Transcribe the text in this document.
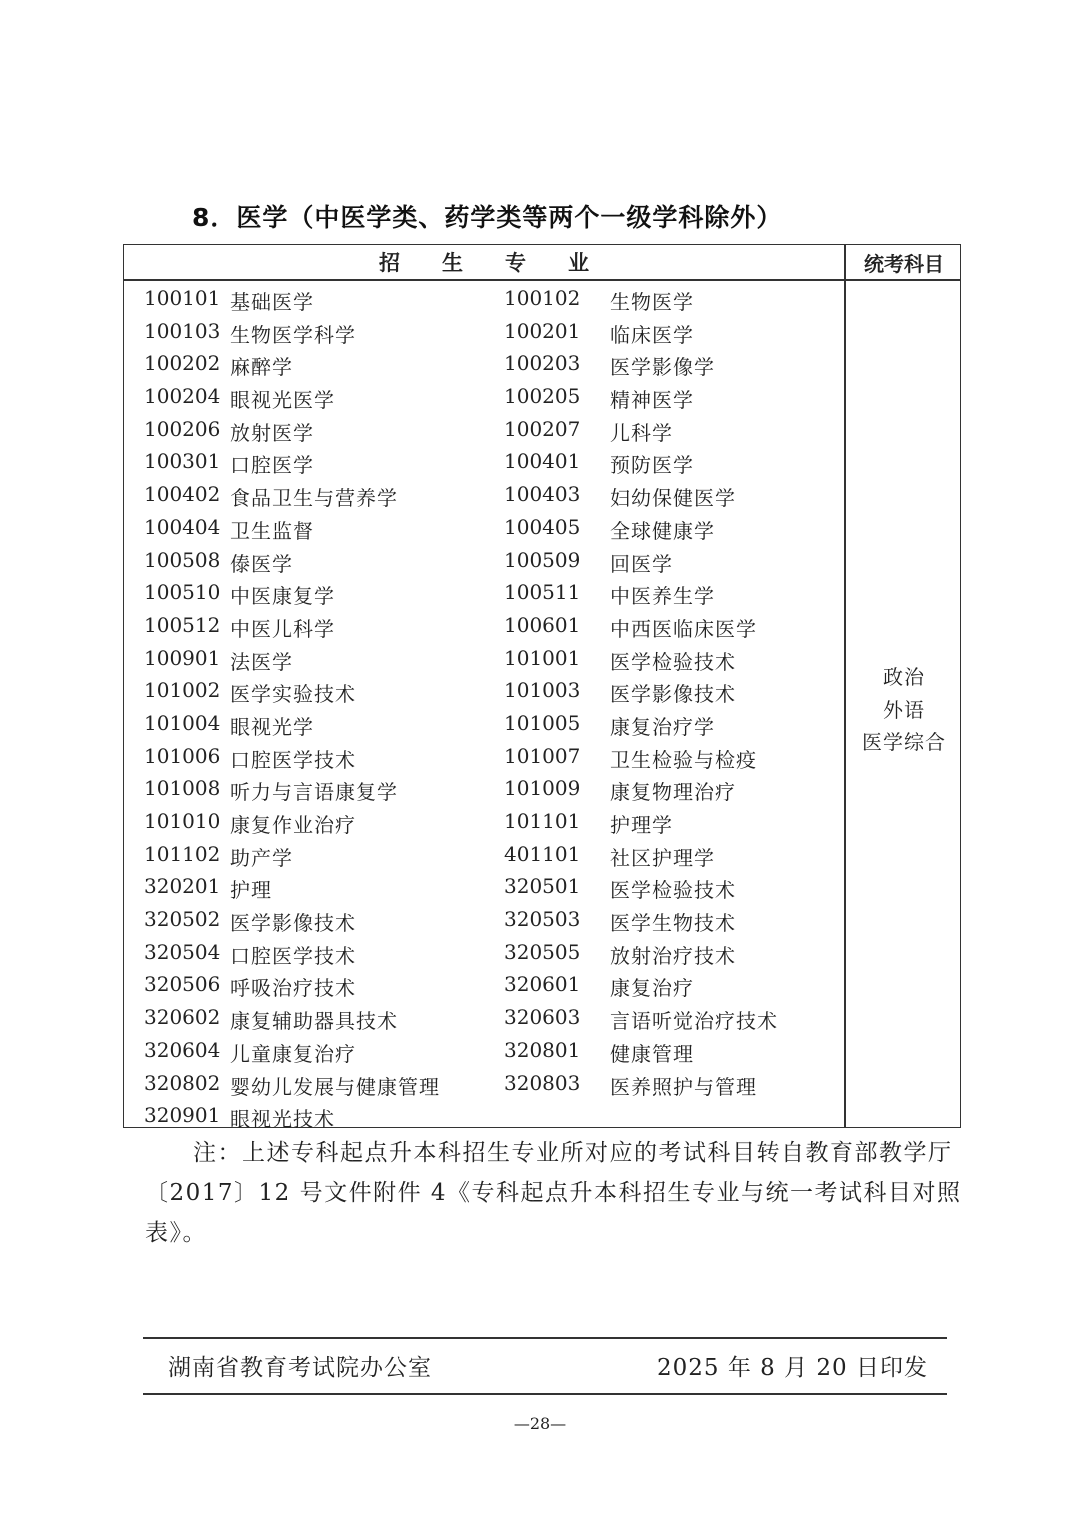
8．医学（中医学类、药学类等两个一级学科除外）
招生专业	统考科目
100101 基础医学	100102 生物医学
100103 生物医学科学	100201 临床医学
100202 麻醉学	100203 医学影像学
100204 眼视光医学	100205 精神医学
100206 放射医学	100207 儿科学
100301 口腔医学	100401 预防医学
100402 食品卫生与营养学	100403 妇幼保健医学
100404 卫生监督	100405 全球健康学
100508 傣医学	100509 回医学
100510 中医康复学	100511 中医养生学
100512 中医儿科学	100601 中西医临床医学
100901 法医学	101001 医学检验技术
101002 医学实验技术	101003 医学影像技术
101004 眼视光学	101005 康复治疗学
101006 口腔医学技术	101007 卫生检验与检疫
101008 听力与言语康复学	101009 康复物理治疗
101010 康复作业治疗	101101 护理学
101102 助产学	401101 社区护理学
320201 护理	320501 医学检验技术
320502 医学影像技术	320503 医学生物技术
320504 口腔医学技术	320505 放射治疗技术
320506 呼吸治疗技术	320601 康复治疗
320602 康复辅助器具技术	320603 言语听觉治疗技术
320604 儿童康复治疗	320801 健康管理
320802 婴幼儿发展与健康管理	320803 医养照护与管理
320901 眼视光技术
政治
外语
医学综合
注：上述专科起点升本科招生专业所对应的考试科目转自教育部教学厅
〔2017〕12 号文件附件 4《专科起点升本科招生专业与统一考试科目对照
表》。
湖南省教育考试院办公室	2025 年 8 月 20 日印发
—28—
